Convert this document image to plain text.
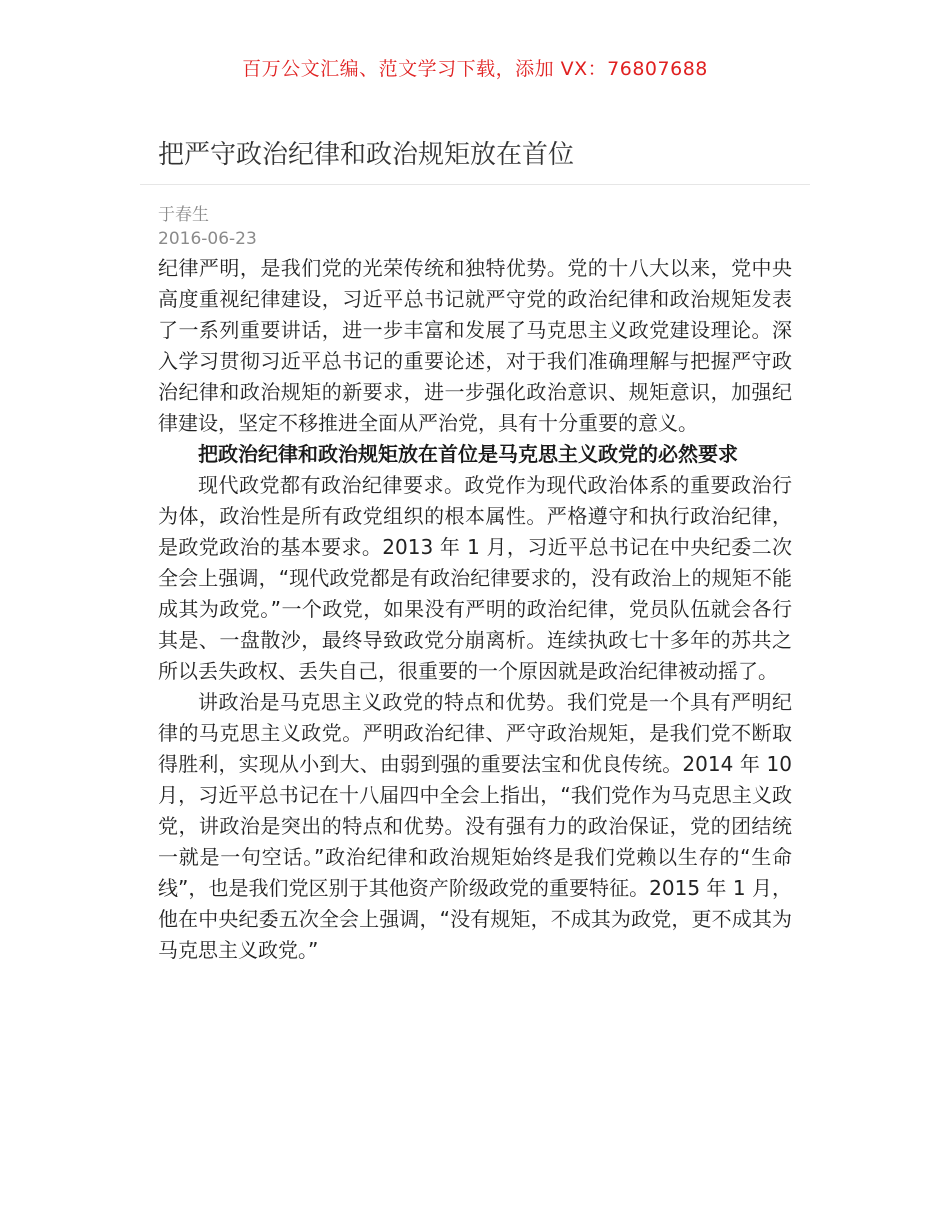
百万公文汇编、范文学习下载，添加 VX：76807688
把严守政治纪律和政治规矩放在首位
于春生
2016-06-23

纪律严明，是我们党的光荣传统和独特优势。党的十八大以来，党中央高度重视纪律建设，习近平总书记就严守党的政治纪律和政治规矩发表了一系列重要讲话，进一步丰富和发展了马克思主义政党建设理论。深入学习贯彻习近平总书记的重要论述，对于我们准确理解与把握严守政治纪律和政治规矩的新要求，进一步强化政治意识、规矩意识，加强纪律建设，坚定不移推进全面从严治党，具有十分重要的意义。

把政治纪律和政治规矩放在首位是马克思主义政党的必然要求

现代政党都有政治纪律要求。政党作为现代政治体系的重要政治行为体，政治性是所有政党组织的根本属性。严格遵守和执行政治纪律，是政党政治的基本要求。2013 年 1 月，习近平总书记在中央纪委二次全会上强调，“现代政党都是有政治纪律要求的，没有政治上的规矩不能成其为政党。”一个政党，如果没有严明的政治纪律，党员队伍就会各行其是、一盘散沙，最终导致政党分崩离析。连续执政七十多年的苏共之所以丢失政权、丢失自己，很重要的一个原因就是政治纪律被动摇了。

讲政治是马克思主义政党的特点和优势。我们党是一个具有严明纪律的马克思主义政党。严明政治纪律、严守政治规矩，是我们党不断取得胜利，实现从小到大、由弱到强的重要法宝和优良传统。2014 年 10 月，习近平总书记在十八届四中全会上指出，“我们党作为马克思主义政党，讲政治是突出的特点和优势。没有强有力的政治保证，党的团结统一就是一句空话。”政治纪律和政治规矩始终是我们党赖以生存的“生命线”，也是我们党区别于其他资产阶级政党的重要特征。2015 年 1 月，他在中央纪委五次全会上强调，“没有规矩，不成其为政党，更不成其为马克思主义政党。”
